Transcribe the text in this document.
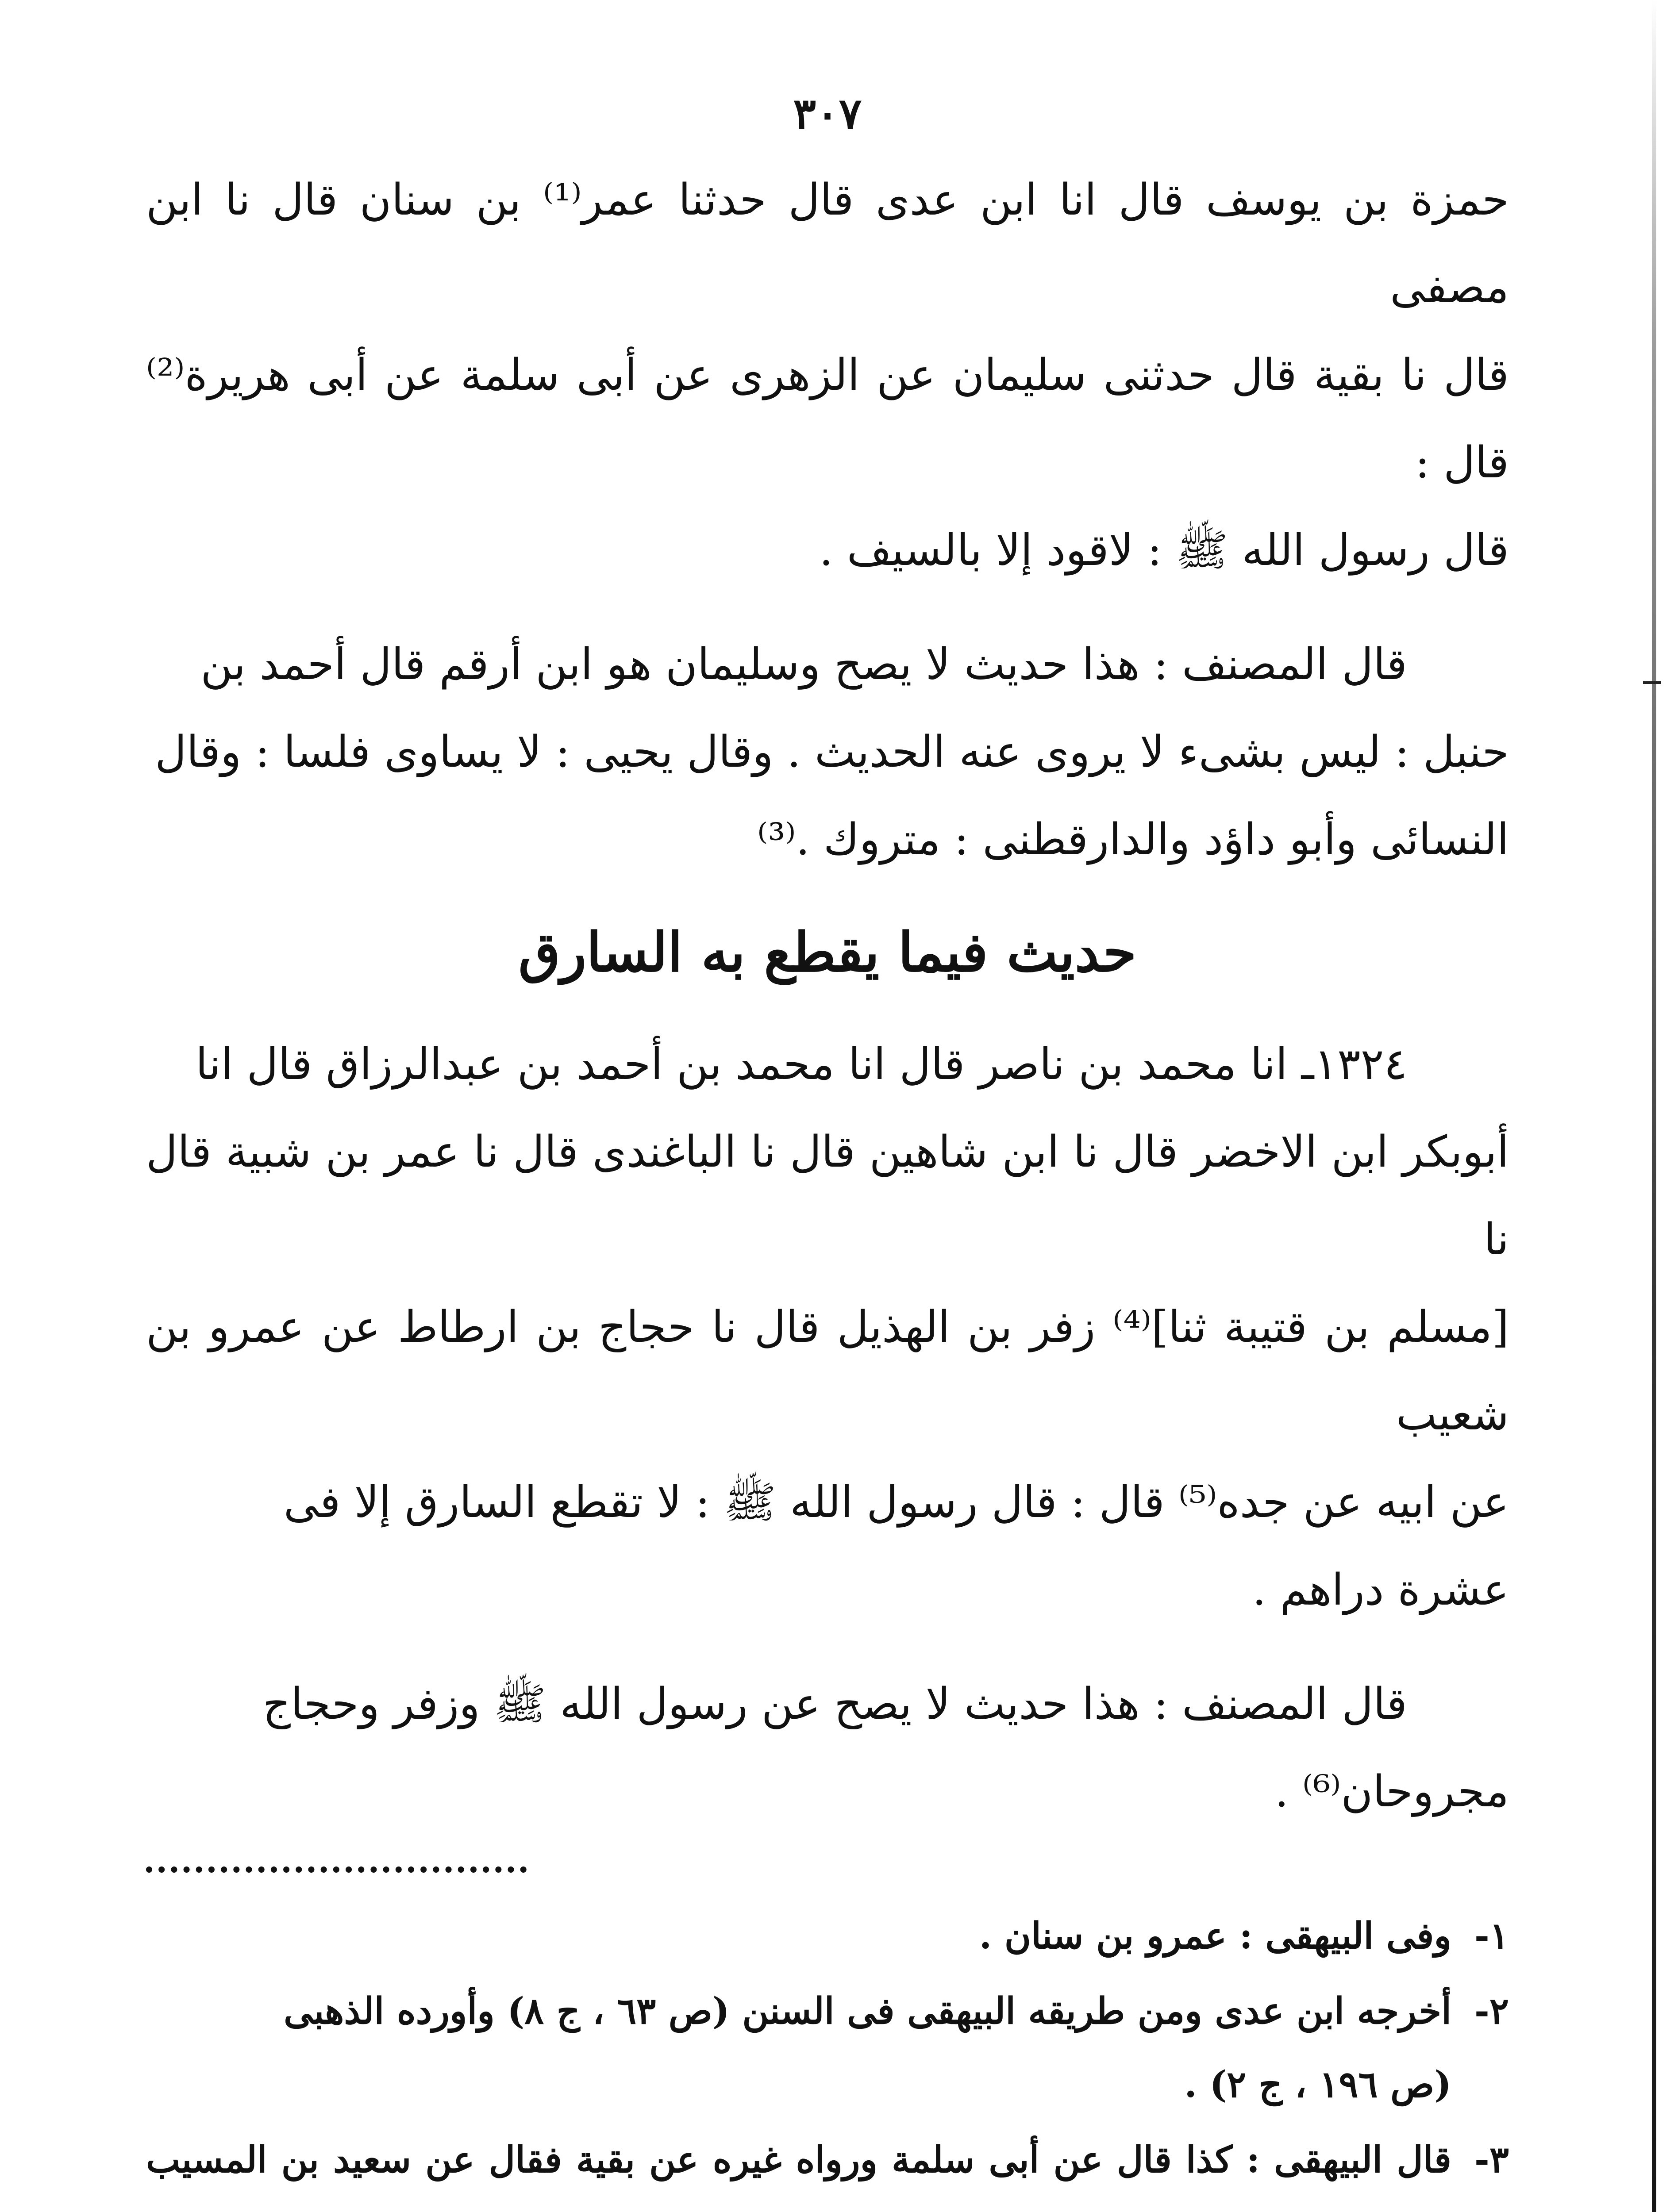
٣٠٧
حمزة بن يوسف قال انا ابن عدى قال حدثنا عمر⁽¹⁾ بن سنان قال نا ابن مصفى
قال نا بقية قال حدثنى سليمان عن الزهرى عن أبى سلمة عن أبى هريرة⁽²⁾ قال :
قال رسول الله ﷺ : لاقود إلا بالسيف .
قال المصنف : هذا حديث لا يصح وسليمان هو ابن أرقم قال أحمد بن
حنبل : ليس بشىء لا يروى عنه الحديث . وقال يحيى : لا يساوى فلسا : وقال
النسائى وأبو داؤد والدارقطنى : متروك .⁽³⁾
حديث فيما يقطع به السارق
١٣٢٤ـ انا محمد بن ناصر قال انا محمد بن أحمد بن عبدالرزاق قال انا
أبوبكر ابن الاخضر قال نا ابن شاهين قال نا الباغندى قال نا عمر بن شبية قال نا
[مسلم بن قتيبة ثنا]⁽⁴⁾ زفر بن الهذيل قال نا حجاج بن ارطاط عن عمرو بن شعيب
عن ابيه عن جده⁽⁵⁾ قال : قال رسول الله ﷺ : لا تقطع السارق إلا فى
عشرة دراهم .
قال المصنف : هذا حديث لا يصح عن رسول الله ﷺ وزفر وحجاج
مجروحان⁽⁶⁾ .
١-
وفى البيهقى : عمرو بن سنان .
٢-
أخرجه ابن عدى ومن طريقه البيهقى فى السنن (ص ٦٣ ، ج ٨) وأورده الذهبى
(ص ١٩٦ ، ج ٢) .
٣-
قال البيهقى : كذا قال عن أبى سلمة ورواه غيره عن بقية فقال عن سعيد بن المسيب
